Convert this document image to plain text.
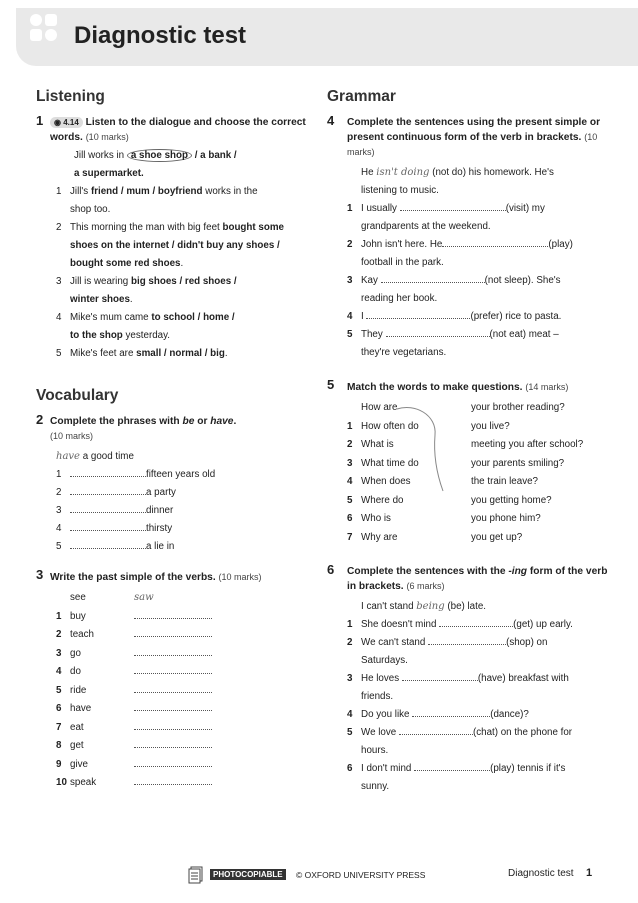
Diagnostic test
Listening
1 ◉ 4.14 Listen to the dialogue and choose the correct words. (10 marks)
Jill works in a shoe shop / a bank /
a supermarket.
1 Jill's friend / mum / boyfriend works in the
shop too.
2 This morning the man with big feet bought some
shoes on the internet / didn't buy any shoes /
bought some red shoes.
3 Jill is wearing big shoes / red shoes /
winter shoes.
4 Mike's mum came to school / home /
to the shop yesterday.
5 Mike's feet are small / normal / big.
Vocabulary
2 Complete the phrases with be or have.
(10 marks)
have a good time
1	fifteen years old
2	a party
3	dinner
4	thirsty
5	a lie in
3 Write the past simple of the verbs. (10 marks)
see	saw
1 buy
2 teach
3 go
4 do
5 ride
6 have
7 eat
8 get
9 give
10 speak
Grammar
4 Complete the sentences using the present simple or present continuous form of the verb in brackets. (10 marks)
He isn't doing (not do) his homework. He's
listening to music.
1 I usually	(visit) my
grandparents at the weekend.
2 John isn't here. He	(play)
football in the park.
3 Kay	(not sleep). She's
reading her book.
4 I	(prefer) rice to pasta.
5 They	(not eat) meat –
they're vegetarians.
5 Match the words to make questions. (14 marks)
How are	your brother reading?
1 How often do	you live?
2 What is	meeting you after school?
3 What time do	your parents smiling?
4 When does	the train leave?
5 Where do	you getting home?
6 Who is	you phone him?
7 Why are	you get up?
6 Complete the sentences with the -ing form of the verb in brackets. (6 marks)
I can't stand being (be) late.
1 She doesn't mind	(get) up early.
2 We can't stand	(shop) on
Saturdays.
3 He loves	(have) breakfast with
friends.
4 Do you like	(dance)?
5 We love	(chat) on the phone for
hours.
6 I don't mind	(play) tennis if it's
sunny.
PHOTOCOPIABLE	© OXFORD UNIVERSITY PRESS	Diagnostic test 1
